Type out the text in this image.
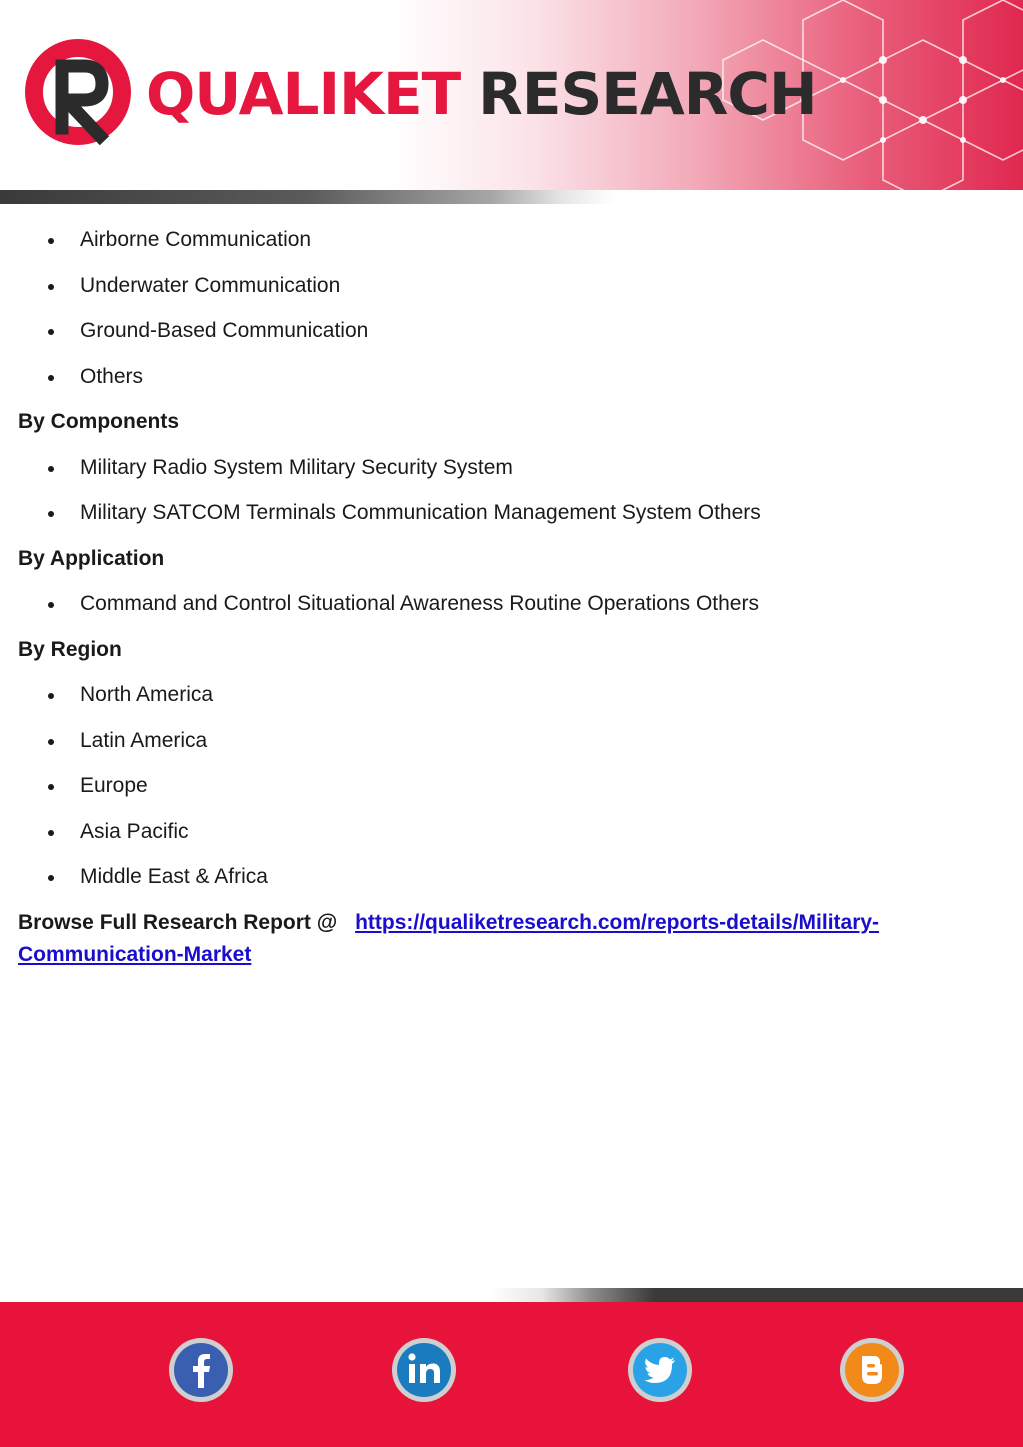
QUALIKET RESEARCH
Airborne Communication
Underwater Communication
Ground-Based Communication
Others
By Components
Military Radio System Military Security System
Military SATCOM Terminals Communication Management System Others
By Application
Command and Control Situational Awareness Routine Operations Others
By Region
North America
Latin America
Europe
Asia Pacific
Middle East & Africa
Browse Full Research Report @ https://qualiketresearch.com/reports-details/Military-Communication-Market
